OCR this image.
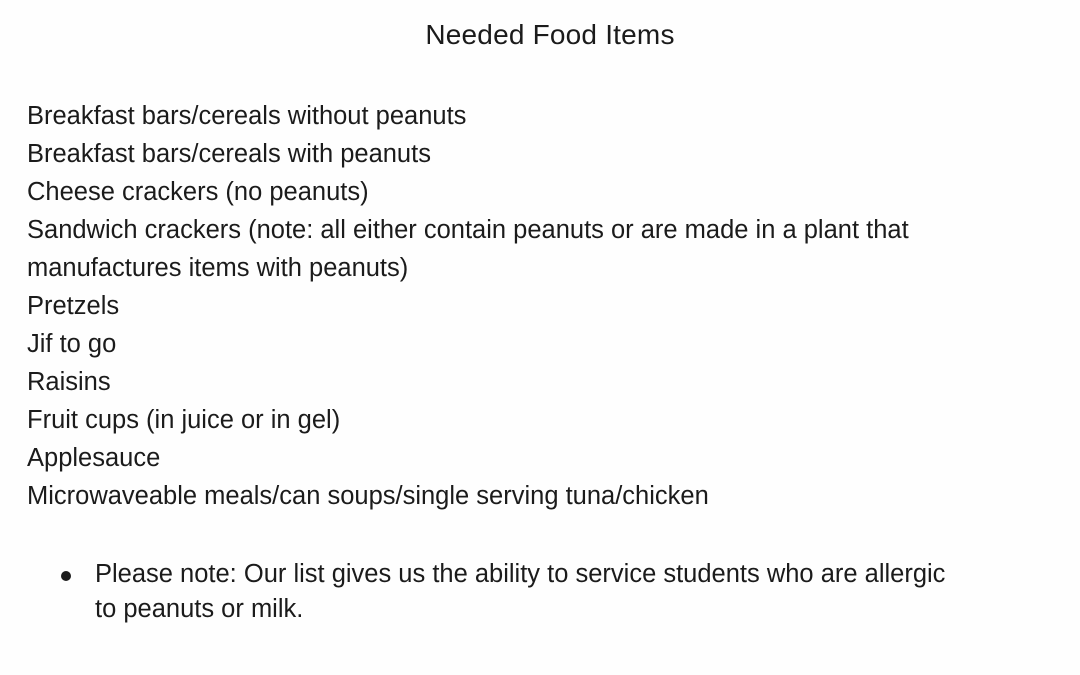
Needed Food Items
Breakfast bars/cereals without peanuts
Breakfast bars/cereals with peanuts
Cheese crackers (no peanuts)
Sandwich crackers (note: all either contain peanuts or are made in a plant that
manufactures items with peanuts)
Pretzels
Jif to go
Raisins
Fruit cups (in juice or in gel)
Applesauce
Microwaveable meals/can soups/single serving tuna/chicken
Please note: Our list gives us the ability to service students who are allergic
to peanuts or milk.
